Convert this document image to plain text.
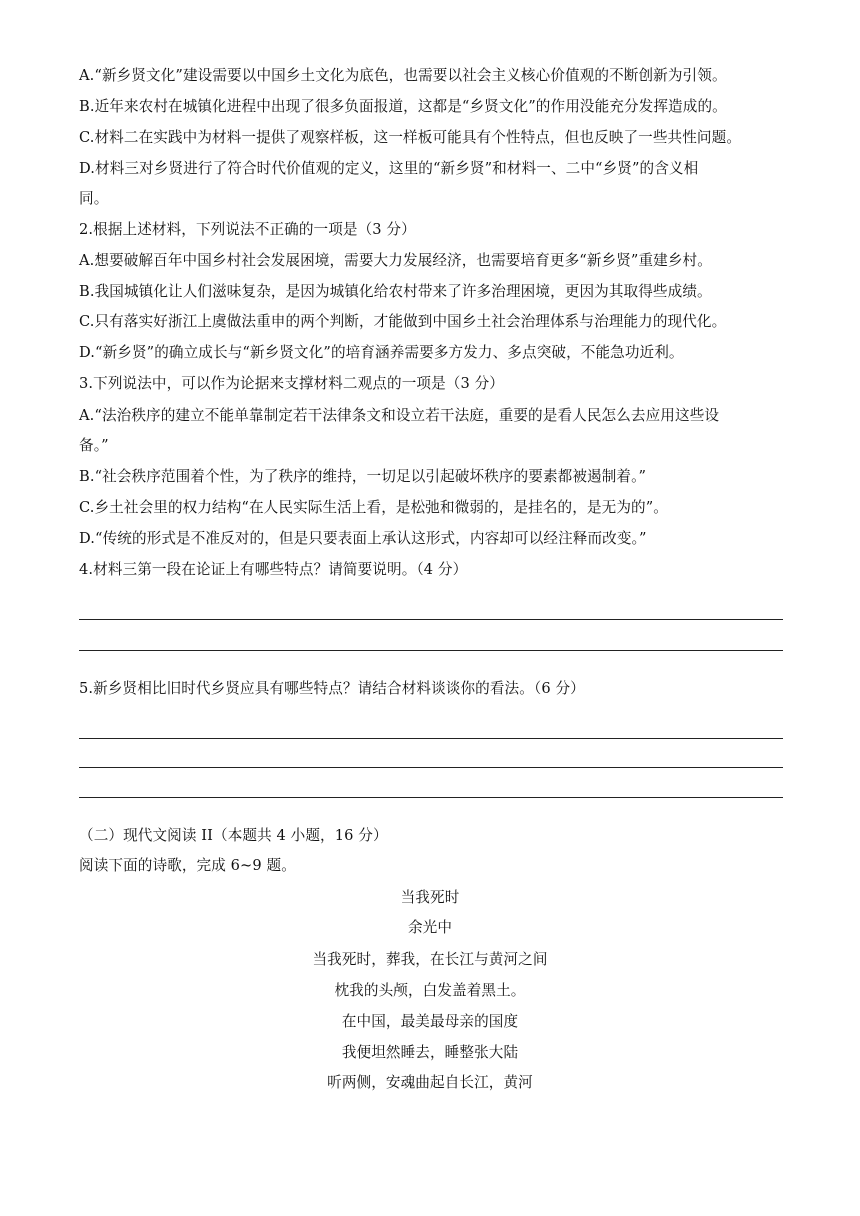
A.“新乡贤文化”建设需要以中国乡土文化为底色，也需要以社会主义核心价值观的不断创新为引领。
B.近年来农村在城镇化进程中出现了很多负面报道，这都是“乡贤文化”的作用没能充分发挥造成的。
C.材料二在实践中为材料一提供了观察样板，这一样板可能具有个性特点，但也反映了一些共性问题。
D.材料三对乡贤进行了符合时代价值观的定义，这里的“新乡贤”和材料一、二中“乡贤”的含义相
同。
2.根据上述材料，下列说法不正确的一项是（3 分）
A.想要破解百年中国乡村社会发展困境，需要大力发展经济，也需要培育更多“新乡贤”重建乡村。
B.我国城镇化让人们滋味复杂，是因为城镇化给农村带来了许多治理困境，更因为其取得些成绩。
C.只有落实好浙江上虞做法重申的两个判断，才能做到中国乡土社会治理体系与治理能力的现代化。
D.“新乡贤”的确立成长与“新乡贤文化”的培育涵养需要多方发力、多点突破，不能急功近利。
3.下列说法中，可以作为论据来支撑材料二观点的一项是（3 分）
A.“法治秩序的建立不能单靠制定若干法律条文和设立若干法庭，重要的是看人民怎么去应用这些设
备。”
B.“社会秩序范围着个性，为了秩序的维持，一切足以引起破坏秩序的要素都被遏制着。”
C.乡土社会里的权力结构“在人民实际生活上看，是松弛和微弱的，是挂名的，是无为的”。
D.“传统的形式是不准反对的，但是只要表面上承认这形式，内容却可以经注释而改变。”
4.材料三第一段在论证上有哪些特点？请简要说明。（4 分）
5.新乡贤相比旧时代乡贤应具有哪些特点？请结合材料谈谈你的看法。（6 分）
（二）现代文阅读 II（本题共 4 小题，16 分）
阅读下面的诗歌，完成 6~9 题。
当我死时
余光中
当我死时，葬我，在长江与黄河之间
枕我的头颅，白发盖着黑土。
在中国，最美最母亲的国度
我便坦然睡去，睡整张大陆
听两侧，安魂曲起自长江，黄河
